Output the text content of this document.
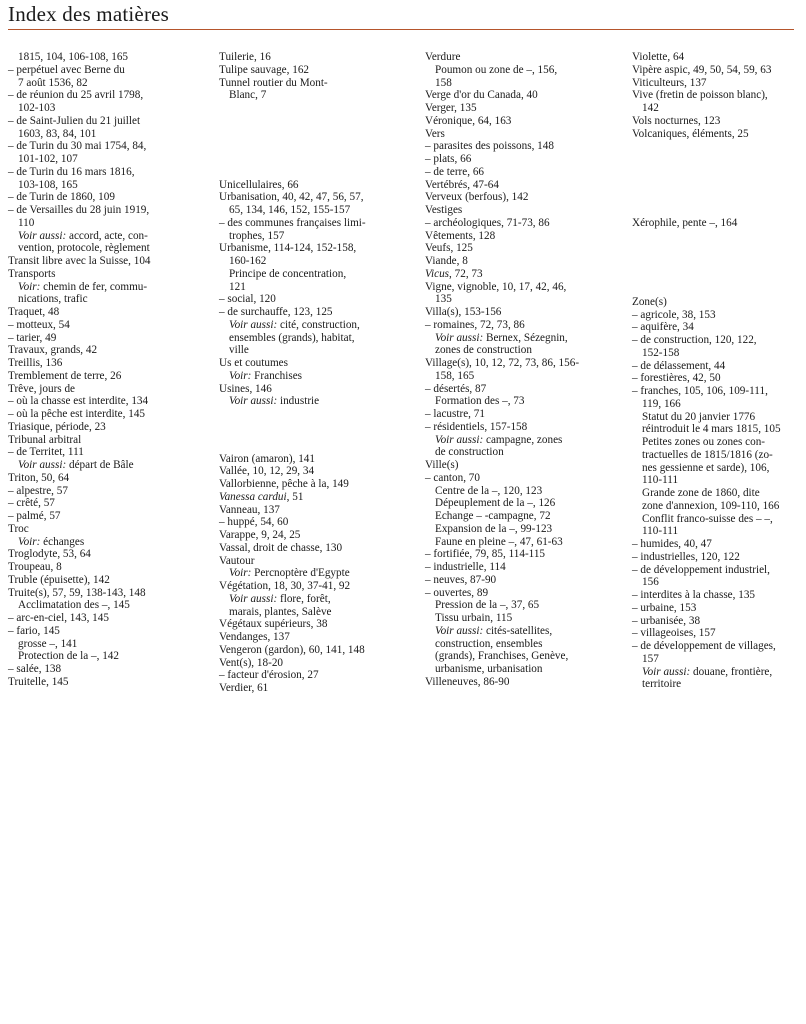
Index des matières
1815, 104, 106-108, 165
– perpétuel avec Berne du
7 août 1536, 82
– de réunion du 25 avril 1798,
102-103
– de Saint-Julien du 21 juillet
1603, 83, 84, 101
– de Turin du 30 mai 1754, 84,
101-102, 107
– de Turin du 16 mars 1816,
103-108, 165
– de Turin de 1860, 109
– de Versailles du 28 juin 1919,
110
Voir aussi: accord, acte, con-
vention, protocole, règlement
Transit libre avec la Suisse, 104
Transports
Voir: chemin de fer, commu-
nications, trafic
Traquet, 48
– motteux, 54
– tarier, 49
Travaux, grands, 42
Treillis, 136
Tremblement de terre, 26
Trêve, jours de
– où la chasse est interdite, 134
– où la pêche est interdite, 145
Triasique, période, 23
Tribunal arbitral
– de Territet, 111
Voir aussi: départ de Bâle
Triton, 50, 64
– alpestre, 57
– crêté, 57
– palmé, 57
Troc
Voir: échanges
Troglodyte, 53, 64
Troupeau, 8
Truble (épuisette), 142
Truite(s), 57, 59, 138-143, 148
Acclimatation des –, 145
– arc-en-ciel, 143, 145
– fario, 145
grosse –, 141
Protection de la –, 142
– salée, 138
Truitelle, 145
Tuilerie, 16
Tulipe sauvage, 162
Tunnel routier du Mont-
Blanc, 7
Unicellulaires, 66
Urbanisation, 40, 42, 47, 56, 57,
65, 134, 146, 152, 155-157
– des communes françaises limi-
trophes, 157
Urbanisme, 114-124, 152-158,
160-162
Principe de concentration,
121
– social, 120
– de surchauffe, 123, 125
Voir aussi: cité, construction,
ensembles (grands), habitat,
ville
Us et coutumes
Voir: Franchises
Usines, 146
Voir aussi: industrie
Vairon (amaron), 141
Vallée, 10, 12, 29, 34
Vallorbienne, pêche à la, 149
Vanessa cardui, 51
Vanneau, 137
– huppé, 54, 60
Varappe, 9, 24, 25
Vassal, droit de chasse, 130
Vautour
Voir: Percnoptère d'Egypte
Végétation, 18, 30, 37-41, 92
Voir aussi: flore, forêt,
marais, plantes, Salève
Végétaux supérieurs, 38
Vendanges, 137
Vengeron (gardon), 60, 141, 148
Vent(s), 18-20
– facteur d'érosion, 27
Verdier, 61
Verdure
Poumon ou zone de –, 156,
158
Verge d'or du Canada, 40
Verger, 135
Véronique, 64, 163
Vers
– parasites des poissons, 148
– plats, 66
– de terre, 66
Vertébrés, 47-64
Verveux (berfous), 142
Vestiges
– archéologiques, 71-73, 86
Vêtements, 128
Veufs, 125
Viande, 8
Vicus, 72, 73
Vigne, vignoble, 10, 17, 42, 46,
135
Villa(s), 153-156
– romaines, 72, 73, 86
Voir aussi: Bernex, Sézegnin,
zones de construction
Village(s), 10, 12, 72, 73, 86, 156-
158, 165
– désertés, 87
Formation des –, 73
– lacustre, 71
– résidentiels, 157-158
Voir aussi: campagne, zones
de construction
Ville(s)
– canton, 70
Centre de la –, 120, 123
Dépeuplement de la –, 126
Echange – -campagne, 72
Expansion de la –, 99-123
Faune en pleine –, 47, 61-63
– fortifiée, 79, 85, 114-115
– industrielle, 114
– neuves, 87-90
– ouvertes, 89
Pression de la –, 37, 65
Tissu urbain, 115
Voir aussi: cités-satellites,
construction, ensembles
(grands), Franchises, Genève,
urbanisme, urbanisation
Villeneuves, 86-90
Violette, 64
Vipère aspic, 49, 50, 54, 59, 63
Viticulteurs, 137
Vive (fretin de poisson blanc),
142
Vols nocturnes, 123
Volcaniques, éléments, 25
Xérophile, pente –, 164
Zone(s)
– agricole, 38, 153
– aquifère, 34
– de construction, 120, 122,
152-158
– de délassement, 44
– forestières, 42, 50
– franches, 105, 106, 109-111,
119, 166
Statut du 20 janvier 1776
réintroduit le 4 mars 1815, 105
Petites zones ou zones con-
tractuelles de 1815/1816 (zo-
nes gessienne et sarde), 106,
110-111
Grande zone de 1860, dite
zone d'annexion, 109-110, 166
Conflit franco-suisse des – –,
110-111
– humides, 40, 47
– industrielles, 120, 122
– de développement industriel,
156
– interdites à la chasse, 135
– urbaine, 153
– urbanisée, 38
– villageoises, 157
– de développement de villages,
157
Voir aussi: douane, frontière,
territoire
